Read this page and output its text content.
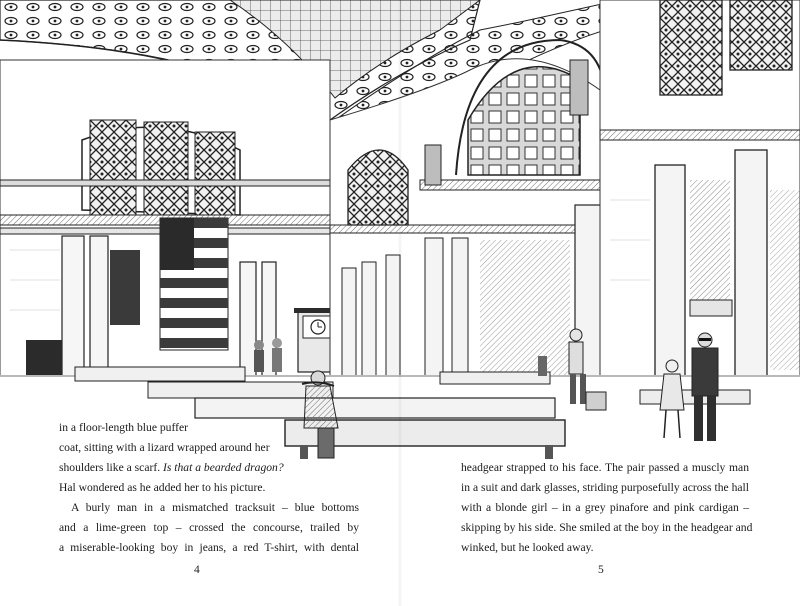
in a floor-length blue puffer
coat, sitting with a lizard wrapped around her
shoulders like a scarf. Is that a bearded dragon?
Hal wondered as he added her to his picture.
A burly man in a mismatched tracksuit – blue bottoms
and a lime-green top – crossed the concourse, trailed by
a miserable-looking boy in jeans, a red T-shirt, with dental
headgear strapped to his face. The pair passed a muscly man
in a suit and dark glasses, striding purposefully across the hall
with a blonde girl – in a grey pinafore and pink cardigan –
skipping by his side. She smiled at the boy in the headgear and
winked, but he looked away.
4	5
